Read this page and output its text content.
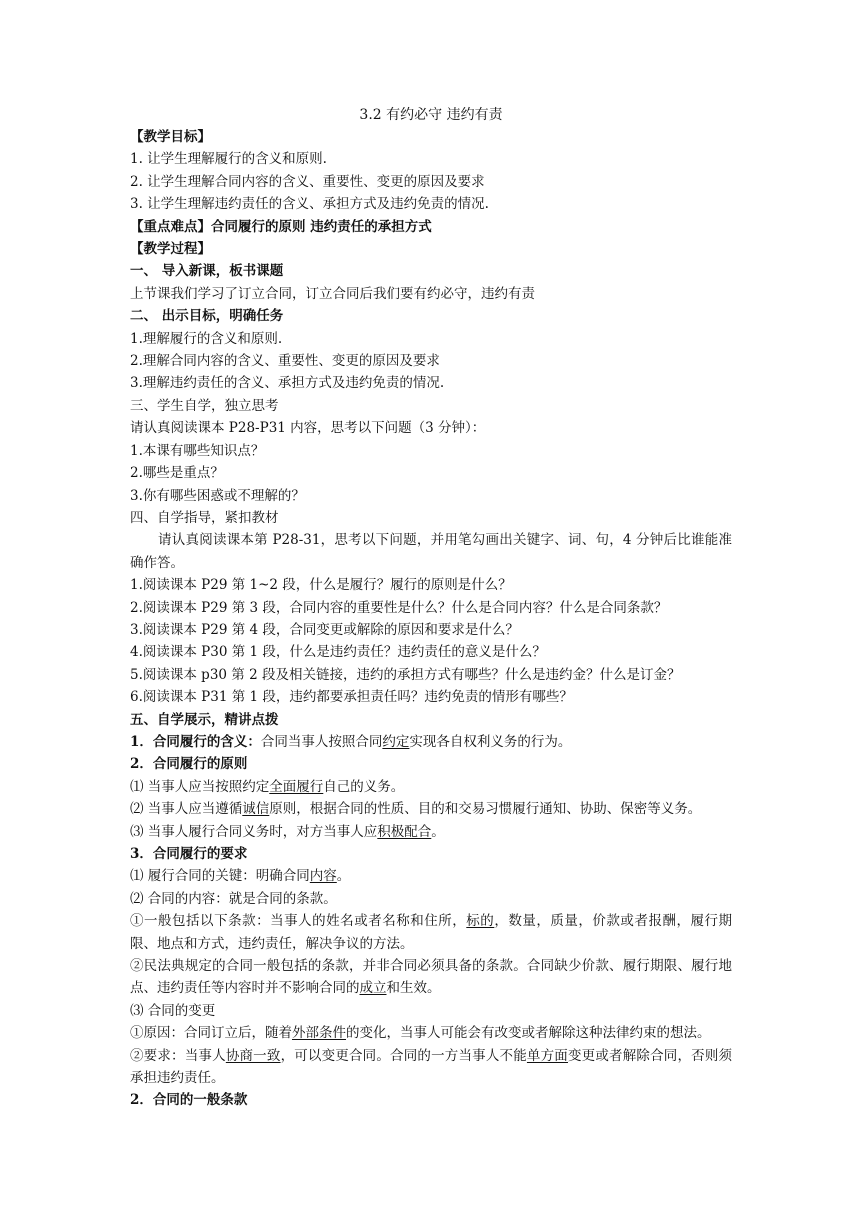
3.2 有约必守 违约有责

【教学目标】

1. 让学生理解履行的含义和原则.

2. 让学生理解合同内容的含义、重要性、变更的原因及要求

3. 让学生理解违约责任的含义、承担方式及违约免责的情况.

【重点难点】合同履行的原则 违约责任的承担方式

【教学过程】

一、 导入新课，板书课题

上节课我们学习了订立合同，订立合同后我们要有约必守，违约有责

二、 出示目标，明确任务

1.理解履行的含义和原则.

2.理解合同内容的含义、重要性、变更的原因及要求

3.理解违约责任的含义、承担方式及违约免责的情况.

三、学生自学，独立思考

请认真阅读课本 P28-P31 内容，思考以下问题（3 分钟）：

1.本课有哪些知识点？

2.哪些是重点？

3.你有哪些困惑或不理解的？

四、自学指导，紧扣教材

请认真阅读课本第 P28-31，思考以下问题，并用笔勾画出关键字、词、句，4 分钟后比谁能准确作答。

1.阅读课本 P29 第 1~2 段，什么是履行？履行的原则是什么？

2.阅读课本 P29 第 3 段，合同内容的重要性是什么？什么是合同内容？什么是合同条款？

3.阅读课本 P29 第 4 段，合同变更或解除的原因和要求是什么？

4.阅读课本 P30 第 1 段，什么是违约责任？违约责任的意义是什么？

5.阅读课本 p30 第 2 段及相关链接，违约的承担方式有哪些？什么是违约金？什么是订金？

6.阅读课本 P31 第 1 段，违约都要承担责任吗？违约免责的情形有哪些？

五、自学展示，精讲点拨

1．合同履行的含义：合同当事人按照合同约定实现各自权利义务的行为。

2．合同履行的原则

⑴ 当事人应当按照约定全面履行自己的义务。

⑵ 当事人应当遵循诚信原则，根据合同的性质、目的和交易习惯履行通知、协助、保密等义务。

⑶ 当事人履行合同义务时，对方当事人应积极配合。

3．合同履行的要求

⑴ 履行合同的关键：明确合同内容。

⑵ 合同的内容：就是合同的条款。

①一般包括以下条款：当事人的姓名或者名称和住所，标的，数量，质量，价款或者报酬，履行期限、地点和方式，违约责任，解决争议的方法。

②民法典规定的合同一般包括的条款，并非合同必须具备的条款。合同缺少价款、履行期限、履行地点、违约责任等内容时并不影响合同的成立和生效。

⑶ 合同的变更

①原因：合同订立后，随着外部条件的变化，当事人可能会有改变或者解除这种法律约束的想法。

②要求：当事人协商一致，可以变更合同。合同的一方当事人不能单方面变更或者解除合同，否则须承担违约责任。

2．合同的一般条款
